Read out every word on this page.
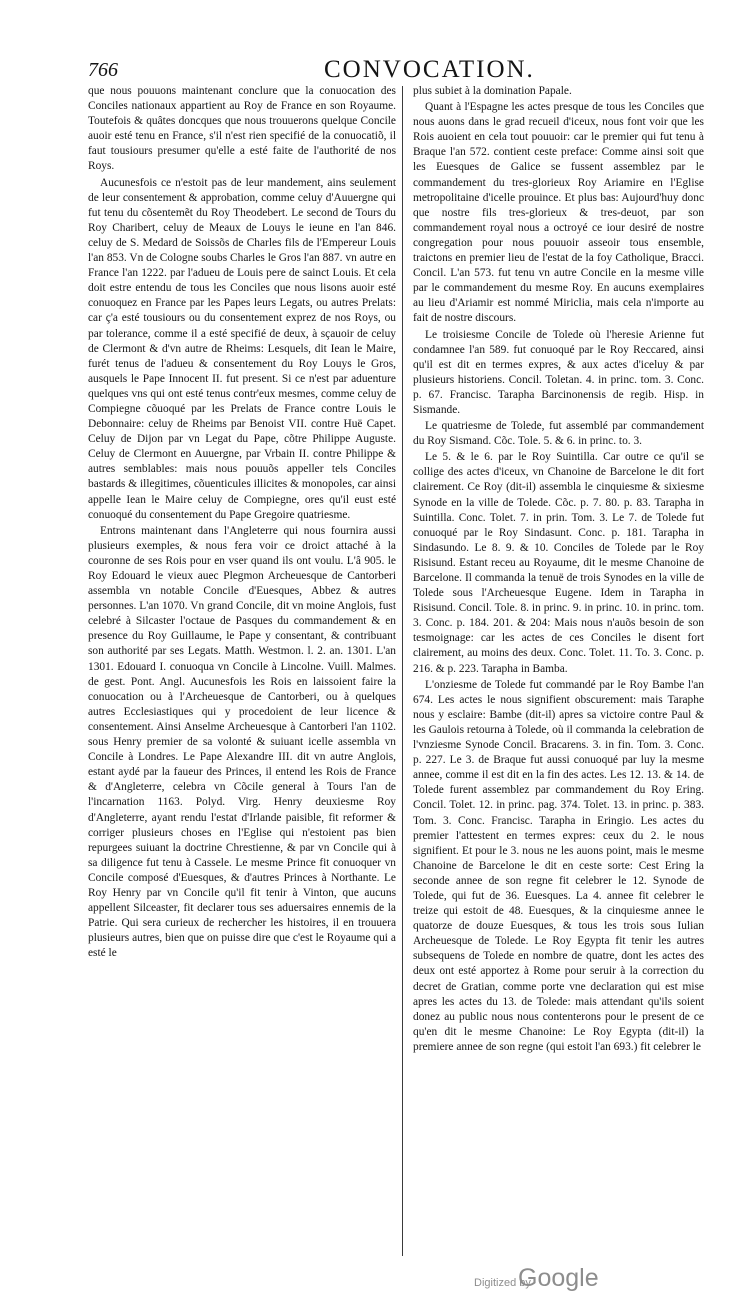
766	CONVOCATION.

que nous pouuons maintenant conclure que la conuocation des Conciles nationaux appartient au Roy de France en son Royaume. Toutefois & quâtes doncques que nous trouuerons quelque Concile auoir esté tenu en France, s'il n'est rien specifié de la conuocatiõ, il faut tousiours presumer qu'elle a esté faite de l'authorité de nos Roys.

Aucunesfois ce n'estoit pas de leur mandement, ains seulement de leur consentement & approbation, comme celuy d'Auuergne qui fut tenu du cõsentemẽt du Roy Theodebert. Le second de Tours du Roy Charibert, celuy de Meaux de Louys le ieune en l'an 846. celuy de S. Medard de Soissõs de Charles fils de l'Empereur Louis l'an 853. Vn de Cologne soubs Charles le Gros l'an 887. vn autre en France l'an 1222. par l'adueu de Louis pere de sainct Louis. Et cela doit estre entendu de tous les Conciles que nous lisons auoir esté conuoquez en France par les Papes leurs Legats, ou autres Prelats: car ç'a esté tousiours ou du consentement exprez de nos Roys, ou par tolerance, comme il a esté specifié de deux, à sçauoir de celuy de Clermont & d'vn autre de Rheims: Lesquels, dit Iean le Maire, furét tenus de l'adueu & consentement du Roy Louys le Gros, ausquels le Pape Innocent II. fut present. Si ce n'est par aduenture quelques vns qui ont esté tenus contr'eux mesmes, comme celuy de Compiegne cõuoqué par les Prelats de France contre Louis le Debonnaire: celuy de Rheims par Benoist VII. contre Huë Capet. Celuy de Dijon par vn Legat du Pape, cõtre Philippe Auguste. Celuy de Clermont en Auuergne, par Vrbain II. contre Philippe & autres semblables: mais nous pouuõs appeller tels Conciles bastards & illegitimes, cõuenticules illicites & monopoles, car ainsi appelle Iean le Maire celuy de Compiegne, ores qu'il eust esté conuoqué du consentement du Pape Gregoire quatriesme.

Entrons maintenant dans l'Angleterre qui nous fournira aussi plusieurs exemples, & nous fera voir ce droict attaché à la couronne de ses Rois pour en vser quand ils ont voulu. L'â 905. le Roy Edouard le vieux auec Plegmon Archeuesque de Cantorberi assembla vn notable Concile d'Euesques, Abbez & autres personnes. L'an 1070. Vn grand Concile, dit vn moine Anglois, fust celebré à Silcaster l'octaue de Pasques du commandement & en presence du Roy Guillaume, le Pape y consentant, & contribuant son authorité par ses Legats. Matth. Westmon. l. 2. an. 1301. L'an 1301. Edouard I. conuoqua vn Concile à Lincolne. Vuill. Malmes. de gest. Pont. Angl. Aucunesfois les Rois en laissoient faire la conuocation ou à l'Archeuesque de Cantorberi, ou à quelques autres Ecclesiastiques qui y procedoient de leur licence & consentement. Ainsi Anselme Archeuesque à Cantorberi l'an 1102. sous Henry premier de sa volonté & suiuant icelle assembla vn Concile à Londres. Le Pape Alexandre III. dit vn autre Anglois, estant aydé par la faueur des Princes, il entend les Rois de France & d'Angleterre, celebra vn Cõcile general à Tours l'an de l'incarnation 1163. Polyd. Virg. Henry deuxiesme Roy d'Angleterre, ayant rendu l'estat d'Irlande paisible, fit reformer & corriger plusieurs choses en l'Eglise qui n'estoient pas bien repurgees suiuant la doctrine Chrestienne, & par vn Concile qui à sa diligence fut tenu à Cassele. Le mesme Prince fit conuoquer vn Concile composé d'Euesques, & d'autres Princes à Northante. Le Roy Henry par vn Concile qu'il fit tenir à Vinton, que aucuns appellent Silceaster, fit declarer tous ses aduersaires ennemis de la Patrie. Qui sera curieux de rechercher les histoires, il en trouuera plusieurs autres, bien que on puisse dire que c'est le Royaume qui a esté le

plus subiet à la domination Papale.

Quant à l'Espagne les actes presque de tous les Conciles que nous auons dans le grad recueil d'iceux, nous font voir que les Rois auoient en cela tout pouuoir: car le premier qui fut tenu à Braque l'an 572. contient ceste preface: Comme ainsi soit que les Euesques de Galice se fussent assemblez par le commandement du tres-glorieux Roy Ariamire en l'Eglise metropolitaine d'icelle prouince. Et plus bas: Aujourd'huy donc que nostre fils tres-glorieux & tres-deuot, par son commandement royal nous a octroyé ce iour desiré de nostre congregation pour nous pouuoir asseoir tous ensemble, traictons en premier lieu de l'estat de la foy Catholique, Bracci. Concil. L'an 573. fut tenu vn autre Concile en la mesme ville par le commandement du mesme Roy. En aucuns exemplaires au lieu d'Ariamir est nommé Miriclia, mais cela n'importe au fait de nostre discours.

Le troisiesme Concile de Tolede où l'heresie Arienne fut condamnee l'an 589. fut conuoqué par le Roy Reccared, ainsi qu'il est dit en termes expres, & aux actes d'iceluy & par plusieurs historiens. Concil. Toletan. 4. in princ. tom. 3. Conc. p. 67. Francisc. Tarapha Barcinonensis de regib. Hisp. in Sismande.

Le quatriesme de Tolede, fut assemblé par commandement du Roy Sismand. Cõc. Tole. 5. & 6. in princ. to. 3.

Le 5. & le 6. par le Roy Suintilla. Car outre ce qu'il se collige des actes d'iceux, vn Chanoine de Barcelone le dit fort clairement. Ce Roy (dit-il) assembla le cinquiesme & sixiesme Synode en la ville de Tolede. Cõc. p. 7. 80. p. 83. Tarapha in Suintilla. Conc. Tolet. 7. in prin. Tom. 3. Le 7. de Tolede fut conuoqué par le Roy Sindasunt. Conc. p. 181. Tarapha in Sindasundo. Le 8. 9. & 10. Conciles de Tolede par le Roy Risisund. Estant receu au Royaume, dit le mesme Chanoine de Barcelone. Il commanda la tenuë de trois Synodes en la ville de Tolede sous l'Archeuesque Eugene. Idem in Tarapha in Risisund. Concil. Tole. 8. in princ. 9. in princ. 10. in princ. tom. 3. Conc. p. 184. 201. & 204: Mais nous n'auõs besoin de son tesmoignage: car les actes de ces Conciles le disent fort clairement, au moins des deux. Conc. Tolet. 11. To. 3. Conc. p. 216. & p. 223. Tarapha in Bamba.

L'onziesme de Tolede fut commandé par le Roy Bambe l'an 674. Les actes le nous signifient obscurement: mais Taraphe nous y esclaire: Bambe (dit-il) apres sa victoire contre Paul & les Gaulois retourna à Tolede, où il commanda la celebration de l'vnziesme Synode Concil. Bracarens. 3. in fin. Tom. 3. Conc. p. 227. Le 3. de Braque fut aussi conuoqué par luy la mesme annee, comme il est dit en la fin des actes. Les 12. 13. & 14. de Tolede furent assemblez par commandement du Roy Ering. Concil. Tolet. 12. in princ. pag. 374. Tolet. 13. in princ. p. 383. Tom. 3. Conc. Francisc. Tarapha in Eringio. Les actes du premier l'attestent en termes expres: ceux du 2. le nous signifient. Et pour le 3. nous ne les auons point, mais le mesme Chanoine de Barcelone le dit en ceste sorte: Cest Ering la seconde annee de son regne fit celebrer le 12. Synode de Tolede, qui fut de 36. Euesques. La 4. annee fit celebrer le treize qui estoit de 48. Euesques, & la cinquiesme annee le quatorze de douze Euesques, & tous les trois sous Iulian Archeuesque de Tolede. Le Roy Egypta fit tenir les autres subsequens de Tolede en nombre de quatre, dont les actes des deux ont esté apportez à Rome pour seruir à la correction du decret de Gratian, comme porte vne declaration qui est mise apres les actes du 13. de Tolede: mais attendant qu'ils soient donez au public nous nous contenterons pour le present de ce qu'en dit le mesme Chanoine: Le Roy Egypta (dit-il) la premiere annee de son regne (qui estoit l'an 693.) fit celebrer le

Digitized by
Google
